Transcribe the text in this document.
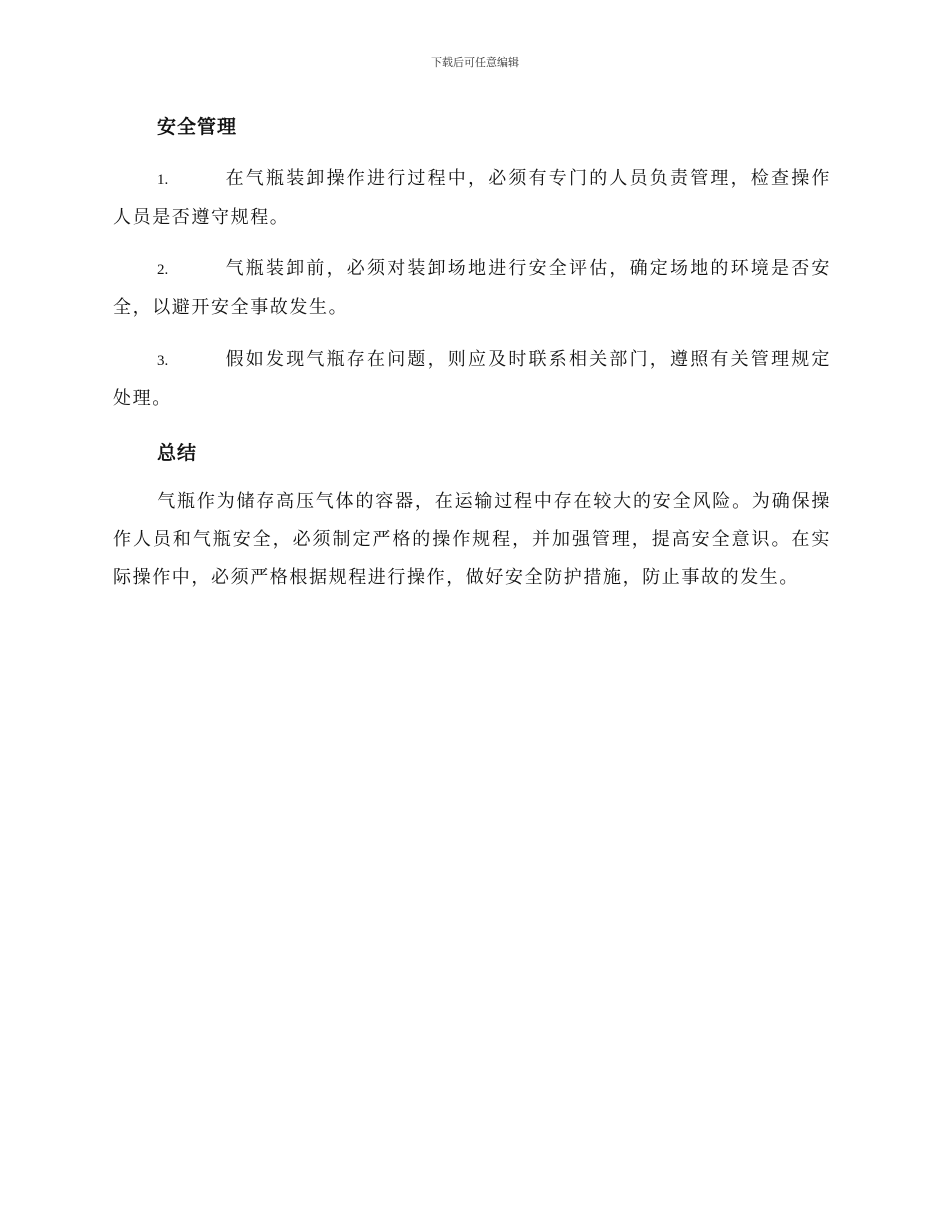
下载后可任意编辑
安全管理
1.	在气瓶装卸操作进行过程中，必须有专门的人员负责管理，检查操作人员是否遵守规程。
2.	气瓶装卸前，必须对装卸场地进行安全评估，确定场地的环境是否安全，以避开安全事故发生。
3.	假如发现气瓶存在问题，则应及时联系相关部门，遵照有关管理规定处理。
总结
气瓶作为储存高压气体的容器，在运输过程中存在较大的安全风险。为确保操作人员和气瓶安全，必须制定严格的操作规程，并加强管理，提高安全意识。在实际操作中，必须严格根据规程进行操作，做好安全防护措施，防止事故的发生。
